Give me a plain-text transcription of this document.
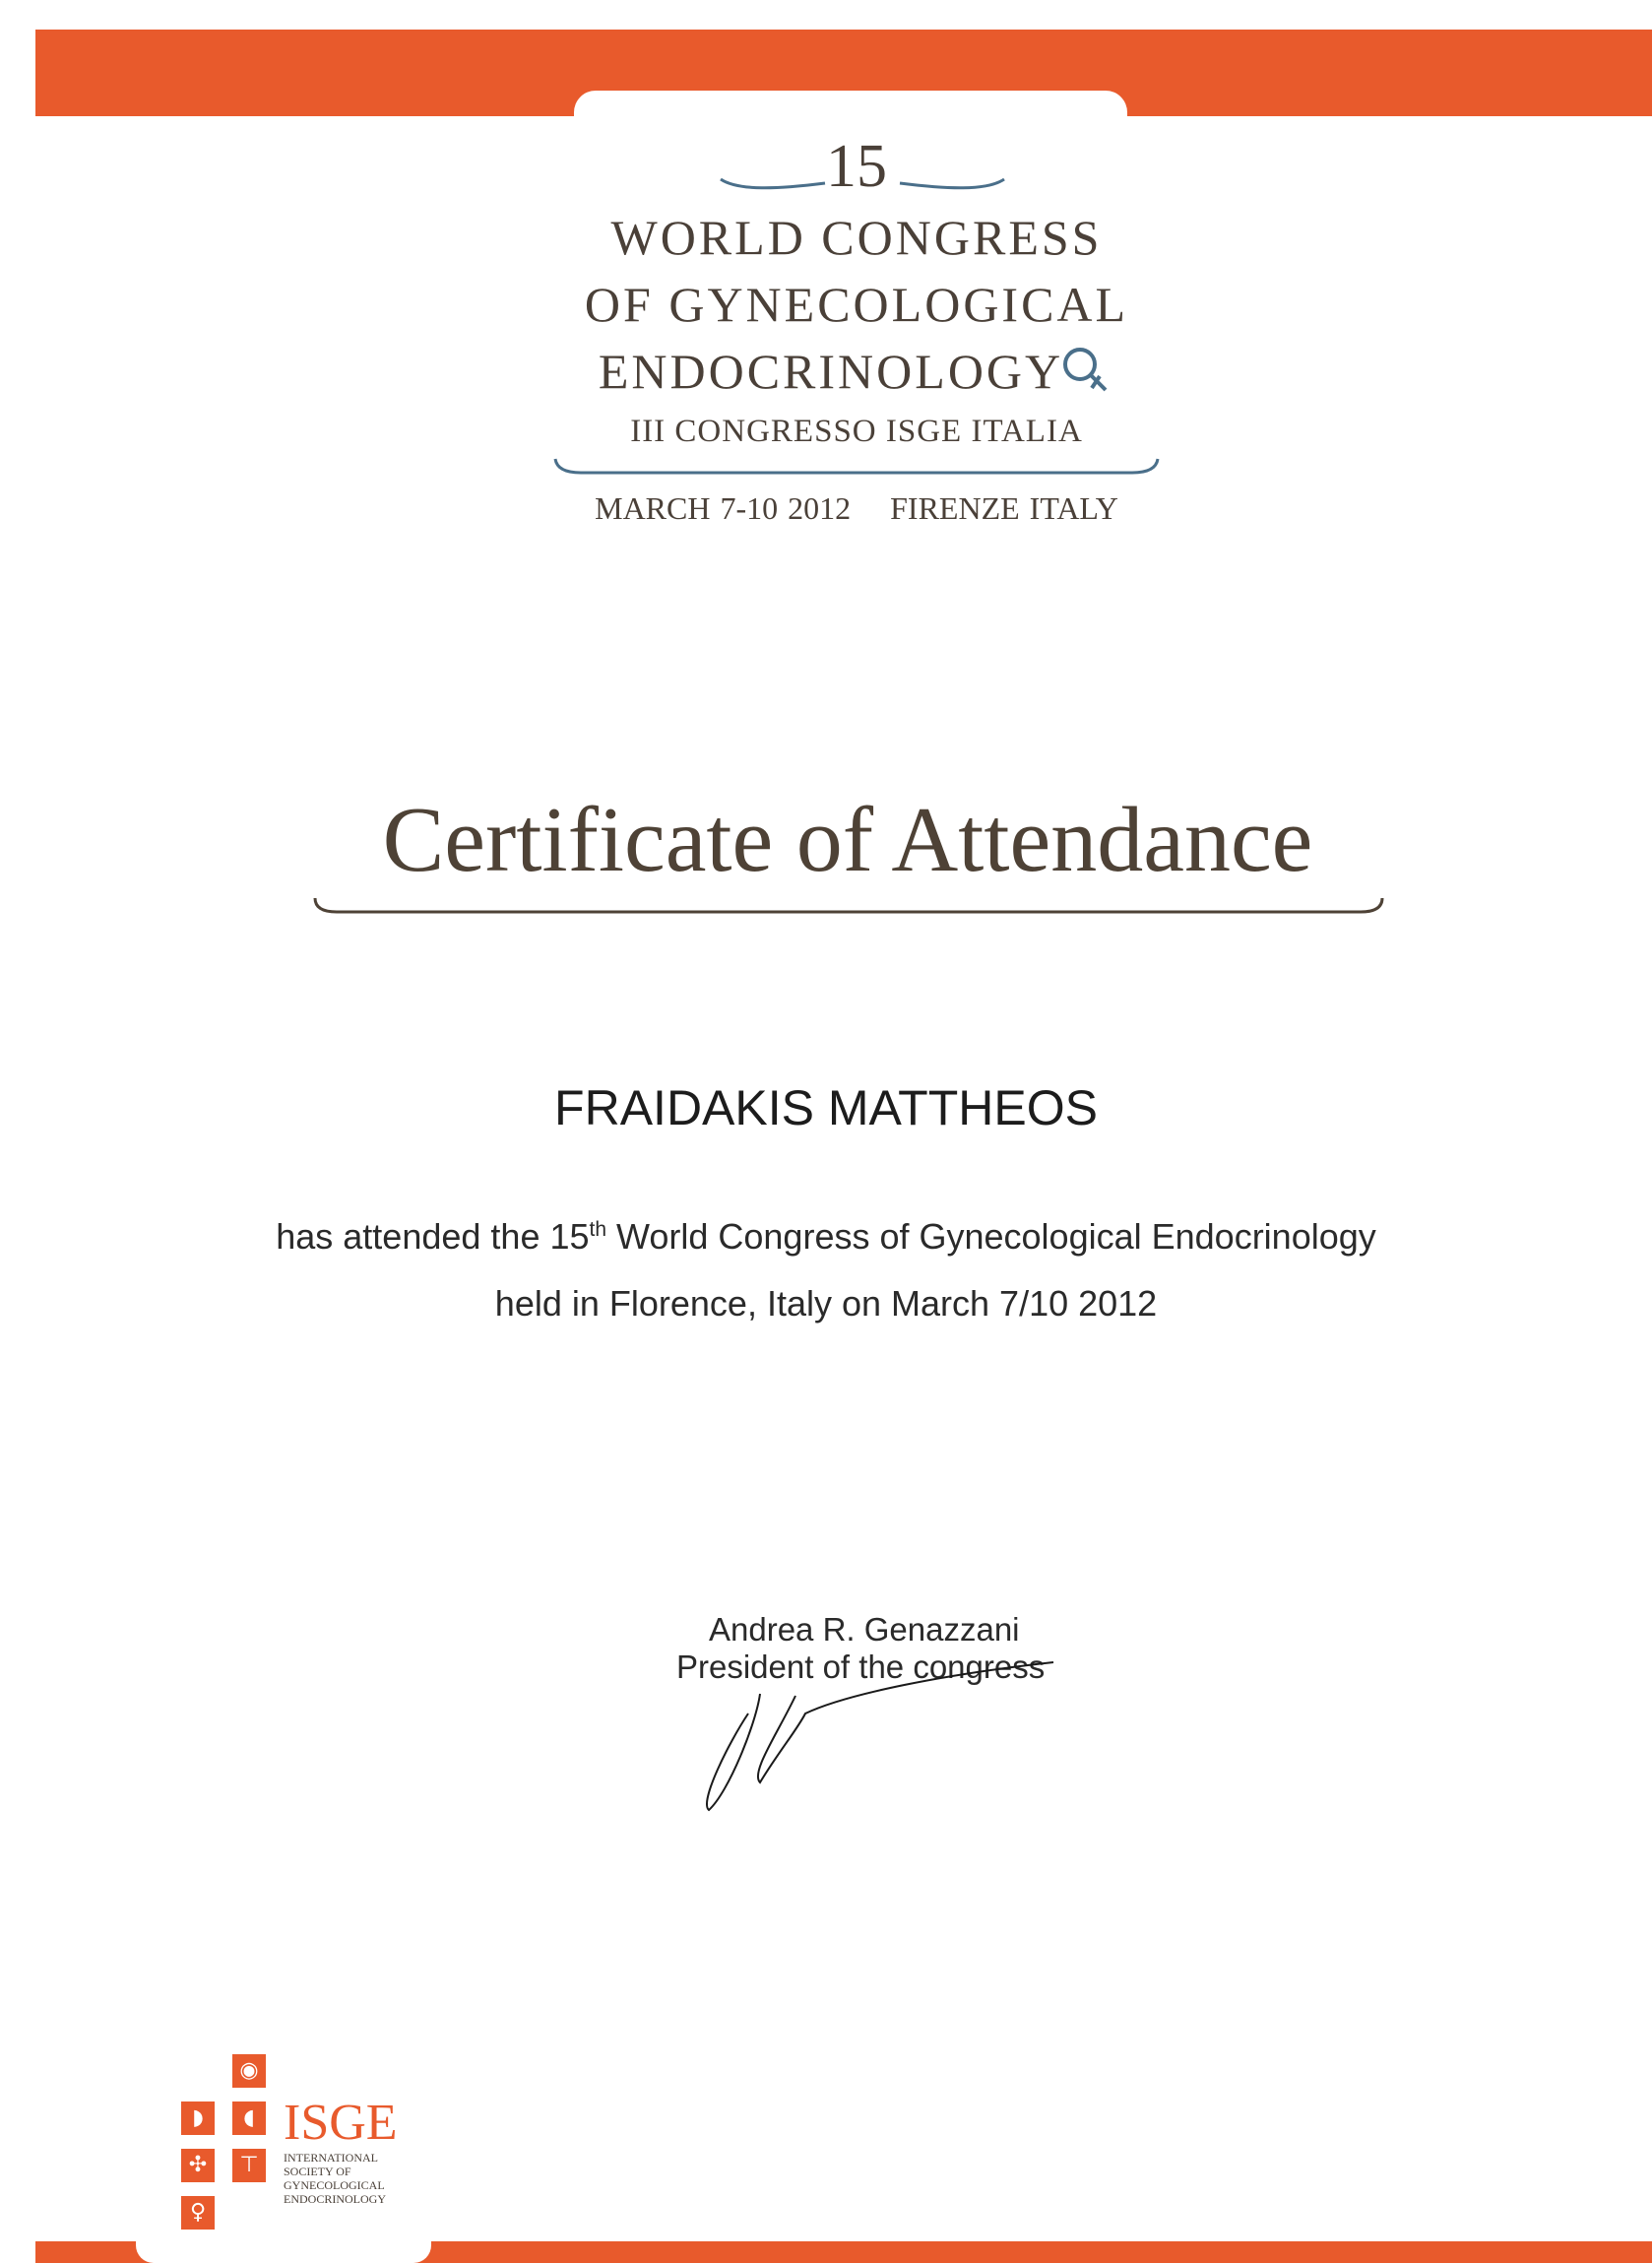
15
WORLD CONGRESS
OF GYNECOLOGICAL
ENDOCRINOLOGY
III CONGRESSO ISGE ITALIA
MARCH 7-10 2012 FIRENZE ITALY
Certificate of Attendance
FRAIDAKIS MATTHEOS
has attended the 15th World Congress of Gynecological Endocrinology
held in Florence, Italy on March 7/10 2012
Andrea R. Genazzani
President of the congress
◉
◗	◖
✣	⊤
♀
ISGE
INTERNATIONAL
SOCIETY OF
GYNECOLOGICAL
ENDOCRINOLOGY
